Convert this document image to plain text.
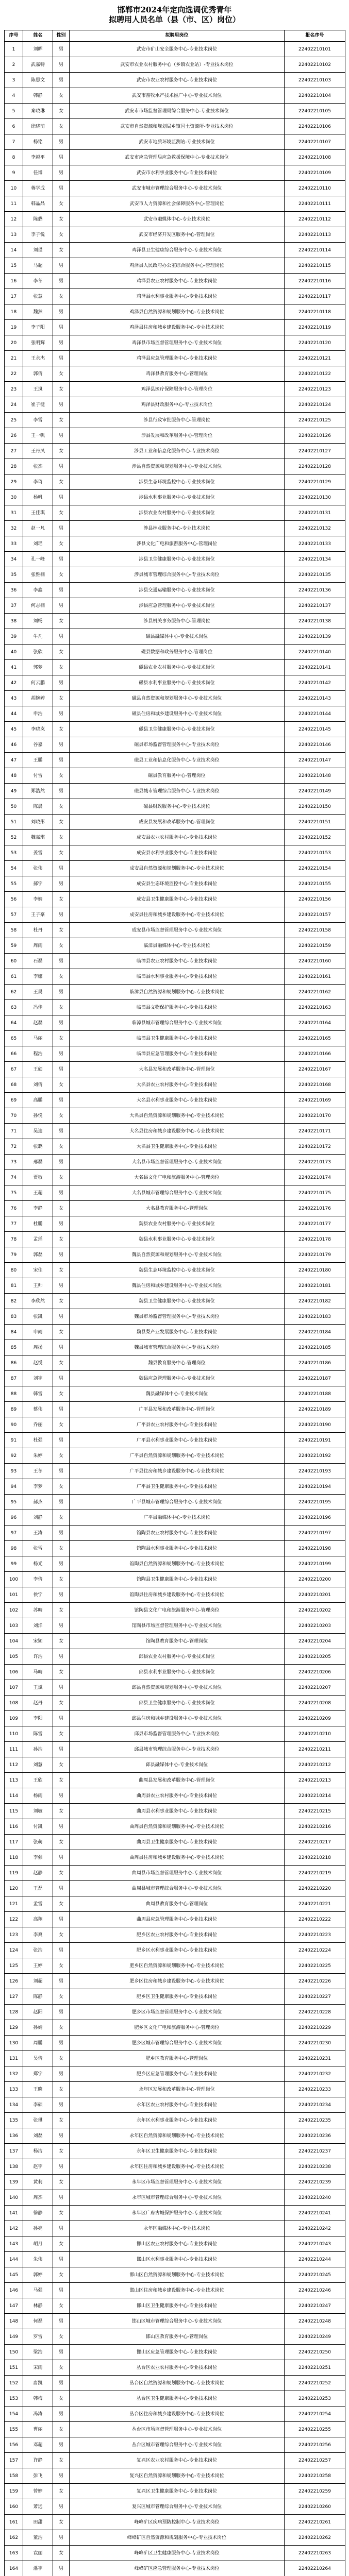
邯郸市2024年定向选调优秀青年
拟聘用人员名单（县（市、区）岗位）
序号	姓名	性别	拟聘用岗位	报名序号
1	刘晖	男	武安市矿山安全服务中心-专业技术岗位	22402210101
2	武嘉特	男	武安市农业农村服务中心（乡镇农业站）-专业技术岗位	22402210102
3	陈思文	男	武安市农业农村服务中心-专业技术岗位	22402210103
4	韩静	女	武安市畜牧水产技术推广中心-专业技术岗位	22402210104
5	秦晓琳	女	武安市市场监督管理局综合服务中心-专业技术岗位	22402210105
6	徐晓萌	女	武安市自然资源和规划局乡镇国土资源所-专业技术岗位	22402210106
7	杨铭	男	武安市地质环境监测站-专业技术岗位	22402210107
8	李越平	男	武安市应急管理局应急救援保障中心-专业技术岗位	22402210108
9	任博	男	武安市水利事业服务中心-专业技术岗位	22402210109
10	蒋学成	男	武安市城市管理综合服务中心-专业技术岗位	22402210110
11	韩晶晶	女	武安市人力资源和社会保障服务中心-管理岗位	22402210111
12	陈璐	女	武安市融媒体中心-专业技术岗位	22402210112
13	李子悦	女	武安市经济开发区服务中心-管理岗位	22402210113
14	刘瑾	女	鸡泽县卫生健康综合服务中心-专业技术岗位	22402210114
15	马超	男	鸡泽县人民政府办公室综合服务中心-管理岗位	22402210115
16	李冬	男	鸡泽县农业农村服务中心-专业技术岗位	22402210116
17	张慧	女	鸡泽县水利事业服务中心-专业技术岗位	22402210117
18	魏然	男	鸡泽县自然资源和规划服务中心-专业技术岗位	22402210118
19	李子阳	男	鸡泽县住房和城乡建设服务中心-专业技术岗位	22402210119
20	张明辉	男	鸡泽县市场监督管理服务中心-专业技术岗位	22402210120
21	王永杰	男	鸡泽县应急管理服务中心-专业技术岗位	22402210121
22	郭倩	女	鸡泽县教育服务中心-管理岗位	22402210122
23	王岚	女	鸡泽县医疗保障服务中心-管理岗位	22402210123
24	崔子健	男	鸡泽县财政服务中心-专业技术岗位	22402210124
25	李雪	女	涉县行政审批服务中心-管理岗位	22402210125
26	王一帆	男	涉县发展和改革服务中心-管理岗位	22402210126
27	王丹凤	女	涉县工业和信息化服务中心-专业技术岗位	22402210127
28	张杰	男	涉县自然资源和规划服务中心-专业技术岗位	22402210128
29	李琦	女	涉县生态环境监控中心-专业技术岗位	22402210129
30	杨帆	男	涉县水利事业服务中心-专业技术岗位	22402210130
31	王佳琪	女	涉县农业农村服务中心-专业技术岗位	22402210131
32	赵一凡	男	涉县林业服务中心-专业技术岗位	22402210132
33	刘瑶	女	涉县文化广电和旅游服务中心-管理岗位	22402210133
34	孔一峰	男	涉县卫生健康服务中心-专业技术岗位	22402210134
35	张雅楠	女	涉县城市管理综合服务中心-专业技术岗位	22402210135
36	李鑫	男	涉县交通运输服务中心-专业技术岗位	22402210136
37	何志楠	男	涉县应急管理服务中心-专业技术岗位	22402210137
38	刘畅	女	涉县机关事务服务中心-管理岗位	22402210138
39	牛凡	男	磁县融媒体中心-专业技术岗位	22402210139
40	张欣	女	磁县数据和政务服务中心-管理岗位	22402210140
41	郭梦	女	磁县农业农村服务中心-专业技术岗位	22402210141
42	何云鹏	男	磁县水利事业服务中心-专业技术岗位	22402210142
43	胡婉婷	女	磁县自然资源和规划服务中心-专业技术岗位	22402210143
44	申浩	男	磁县住房和城乡建设服务中心-专业技术岗位	22402210144
45	李晓岚	女	磁县卫生健康服务中心-专业技术岗位	22402210145
46	谷嘉	男	磁县市场监督管理服务中心-专业技术岗位	22402210146
47	王鹏	男	磁县工业和信息化服务中心-专业技术岗位	22402210147
48	付雪	女	磁县教育服务中心-管理岗位	22402210148
49	郑浩然	男	磁县城市管理综合服务中心-专业技术岗位	22402210149
50	陈晨	女	磁县财政服务中心-专业技术岗位	22402210150
51	刘晓彤	女	成安县发展和改革服务中心-管理岗位	22402210151
52	魏嘉琪	女	成安县农业农村服务中心-专业技术岗位	22402210152
53	姜雪	女	成安县水利事业服务中心-专业技术岗位	22402210153
54	张伟	男	成安县自然资源和规划服务中心-专业技术岗位	22402210154
55	郝宇	男	成安县生态环境监控中心-专业技术岗位	22402210155
56	李婧	女	成安县卫生健康服务中心-专业技术岗位	22402210156
57	王子豪	男	成安县住房和城乡建设服务中心-专业技术岗位	22402210157
58	杜丹	女	成安县市场监督管理服务中心-专业技术岗位	22402210158
59	周雨	女	临漳县融媒体中心-专业技术岗位	22402210159
60	石磊	男	临漳县农业农村服务中心-专业技术岗位	22402210160
61	李娜	女	临漳县水利事业服务中心-专业技术岗位	22402210161
62	王昊	男	临漳县自然资源和规划服务中心-专业技术岗位	22402210162
63	冯佳	女	临漳县文物保护服务中心-专业技术岗位	22402210163
64	赵磊	男	临漳县城市管理综合服务中心-专业技术岗位	22402210164
65	马丽	女	临漳县卫生健康服务中心-专业技术岗位	22402210165
66	程浩	男	临漳县应急管理服务中心-专业技术岗位	22402210166
67	王硕	男	大名县发展和改革服务中心-管理岗位	22402210167
68	刘倩	女	大名县农业农村服务中心-专业技术岗位	22402210168
69	高鹏	男	大名县水利事业服务中心-专业技术岗位	22402210169
70	孙悦	女	大名县自然资源和规划服务中心-专业技术岗位	22402210170
71	吴迪	男	大名县住房和城乡建设服务中心-专业技术岗位	22402210171
72	张璐	女	大名县卫生健康服务中心-专业技术岗位	22402210172
73	邢磊	男	大名县市场监督管理服务中心-专业技术岗位	22402210173
74	贾敏	女	大名县文化广电和旅游服务中心-管理岗位	22402210174
75	王超	男	大名县城市管理综合服务中心-专业技术岗位	22402210175
76	李静	女	大名县教育服务中心-管理岗位	22402210176
77	杜鹏	男	魏县农业农村服务中心-专业技术岗位	22402210177
78	孟瑶	女	魏县水利事业服务中心-专业技术岗位	22402210178
79	郭磊	男	魏县自然资源和规划服务中心-专业技术岗位	22402210179
80	宋佳	女	魏县生态环境监控中心-专业技术岗位	22402210180
81	王帅	男	魏县住房和城乡建设服务中心-专业技术岗位	22402210181
82	李欣然	女	魏县卫生健康服务中心-专业技术岗位	22402210182
83	张凯	男	魏县市场监督管理服务中心-专业技术岗位	22402210183
84	申雨	女	魏县梨产业发展服务中心-专业技术岗位	22402210184
85	周扬	男	魏县城市管理综合服务中心-专业技术岗位	22402210185
86	赵悦	女	魏县教育服务中心-管理岗位	22402210186
87	刘宇	男	魏县应急管理服务中心-专业技术岗位	22402210187
88	韩雪	女	魏县融媒体中心-专业技术岗位	22402210188
89	蔡伟	男	广平县发展和改革服务中心-管理岗位	22402210189
90	乔丽	女	广平县农业农村服务中心-专业技术岗位	22402210190
91	杜强	男	广平县水利事业服务中心-专业技术岗位	22402210191
92	朱婷	女	广平县自然资源和规划服务中心-专业技术岗位	22402210192
93	王冬	男	广平县住房和城乡建设服务中心-专业技术岗位	22402210193
94	李梦	女	广平县卫生健康服务中心-专业技术岗位	22402210194
95	郝杰	男	广平县城市管理综合服务中心-专业技术岗位	22402210195
96	刘静	女	广平县融媒体中心-专业技术岗位	22402210196
97	王涛	男	馆陶县农业农村服务中心-专业技术岗位	22402210197
98	张雪	女	馆陶县水利事业服务中心-专业技术岗位	22402210198
99	杨光	男	馆陶县自然资源和规划服务中心-专业技术岗位	22402210199
100	李倩	女	馆陶县卫生健康服务中心-专业技术岗位	22402210200
101	侯宁	男	馆陶县住房和城乡建设服务中心-专业技术岗位	22402210201
102	苏晴	女	馆陶县文化广电和旅游服务中心-管理岗位	22402210202
103	刘洋	男	馆陶县市场监督管理服务中心-专业技术岗位	22402210203
104	宋颖	女	馆陶县教育服务中心-管理岗位	22402210204
105	许浩	男	邱县农业农村服务中心-专业技术岗位	22402210205
106	马晴	女	邱县水利事业服务中心-专业技术岗位	22402210206
107	王斌	男	邱县自然资源和规划服务中心-专业技术岗位	22402210207
108	赵丹	女	邱县卫生健康服务中心-专业技术岗位	22402210208
109	李阳	男	邱县住房和城乡建设服务中心-专业技术岗位	22402210209
110	陈雪	女	邱县市场监督管理服务中心-专业技术岗位	22402210210
111	孙浩	男	邱县城市管理综合服务中心-专业技术岗位	22402210211
112	刘慧	女	邱县融媒体中心-专业技术岗位	22402210212
113	王欣	女	曲周县发展和改革服务中心-管理岗位	22402210213
114	杨雨	男	曲周县农业农村服务中心-专业技术岗位	22402210214
115	刘敏	女	曲周县水利事业服务中心-专业技术岗位	22402210215
116	付凯	男	曲周县自然资源和规划服务中心-专业技术岗位	22402210216
117	张萌	女	曲周县卫生健康服务中心-专业技术岗位	22402210217
118	李强	男	曲周县住房和城乡建设服务中心-专业技术岗位	22402210218
119	赵静	女	曲周县市场监督管理服务中心-专业技术岗位	22402210219
120	王磊	男	曲周县城市管理综合服务中心-专业技术岗位	22402210220
121	孟雪	女	曲周县教育服务中心-管理岗位	22402210221
122	高翔	男	曲周县应急管理服务中心-专业技术岗位	22402210222
123	李爽	女	肥乡区农业农村服务中心-专业技术岗位	22402210223
124	张浩	男	肥乡区水利事业服务中心-专业技术岗位	22402210224
125	王婷	女	肥乡区自然资源和规划服务中心-专业技术岗位	22402210225
126	刘超	男	肥乡区住房和城乡建设服务中心-专业技术岗位	22402210226
127	陈静	女	肥乡区卫生健康服务中心-专业技术岗位	22402210227
128	赵阳	男	肥乡区市场监督管理服务中心-专业技术岗位	22402210228
129	孙婧	女	肥乡区文化广电和旅游服务中心-管理岗位	22402210229
130	周鹏	男	肥乡区城市管理综合服务中心-专业技术岗位	22402210230
131	吴倩	女	肥乡区教育服务中心-管理岗位	22402210231
132	郑宇	男	肥乡区应急管理服务中心-专业技术岗位	22402210232
133	王晓	女	永年区发展和改革服务中心-管理岗位	22402210233
134	李硕	男	永年区农业农村服务中心-专业技术岗位	22402210234
135	张琪	女	永年区水利事业服务中心-专业技术岗位	22402210235
136	刘磊	男	永年区自然资源和规划服务中心-专业技术岗位	22402210236
137	杨洁	女	永年区卫生健康服务中心-专业技术岗位	22402210237
138	赵宇	男	永年区住房和城乡建设服务中心-专业技术岗位	22402210238
139	黄莉	女	永年区市场监督管理服务中心-专业技术岗位	22402210239
140	周杰	男	永年区城市管理综合服务中心-专业技术岗位	22402210240
141	徐静	女	永年区广府古城保护服务中心-专业技术岗位	22402210241
142	孙亮	男	永年区融媒体中心-专业技术岗位	22402210242
143	胡月	女	邯山区农业农村服务中心-专业技术岗位	22402210243
144	朱伟	男	邯山区水利事业服务中心-专业技术岗位	22402210244
145	郭婷	女	邯山区自然资源和规划服务中心-专业技术岗位	22402210245
146	马强	男	邯山区住房和城乡建设服务中心-专业技术岗位	22402210246
147	林静	女	邯山区卫生健康服务中心-专业技术岗位	22402210247
148	何磊	男	邯山区城市管理综合服务中心-专业技术岗位	22402210248
149	罗雪	女	邯山区教育服务中心-管理岗位	22402210249
150	梁浩	男	邯山区应急管理服务中心-专业技术岗位	22402210250
151	宋雨	女	丛台区农业农村服务中心-专业技术岗位	22402210251
152	唐凯	男	丛台区自然资源和规划服务中心-专业技术岗位	22402210252
153	韩梅	女	丛台区卫生健康服务中心-专业技术岗位	22402210253
154	冯涛	男	丛台区住房和城乡建设服务中心-专业技术岗位	22402210254
155	曹丽	女	丛台区市场监督管理服务中心-专业技术岗位	22402210255
156	邓超	男	丛台区城市管理综合服务中心-专业技术岗位	22402210256
157	许静	女	复兴区农业农村服务中心-专业技术岗位	22402210257
158	彭飞	男	复兴区自然资源和规划服务中心-专业技术岗位	22402210258
159	曾婷	女	复兴区卫生健康服务中心-专业技术岗位	22402210259
160	萧远	男	复兴区城市管理综合服务中心-专业技术岗位	22402210260
161	田甜	女	峰峰矿区疾病预防控制中心-专业技术岗位	22402210261
162	董浩	男	峰峰矿区自然资源和规划服务中心-专业技术岗位	22402210262
163	袁丽	女	峰峰矿区卫生健康服务中心-专业技术岗位	22402210263
164	潘宇	男	峰峰矿区应急管理服务中心-专业技术岗位	22402210264
